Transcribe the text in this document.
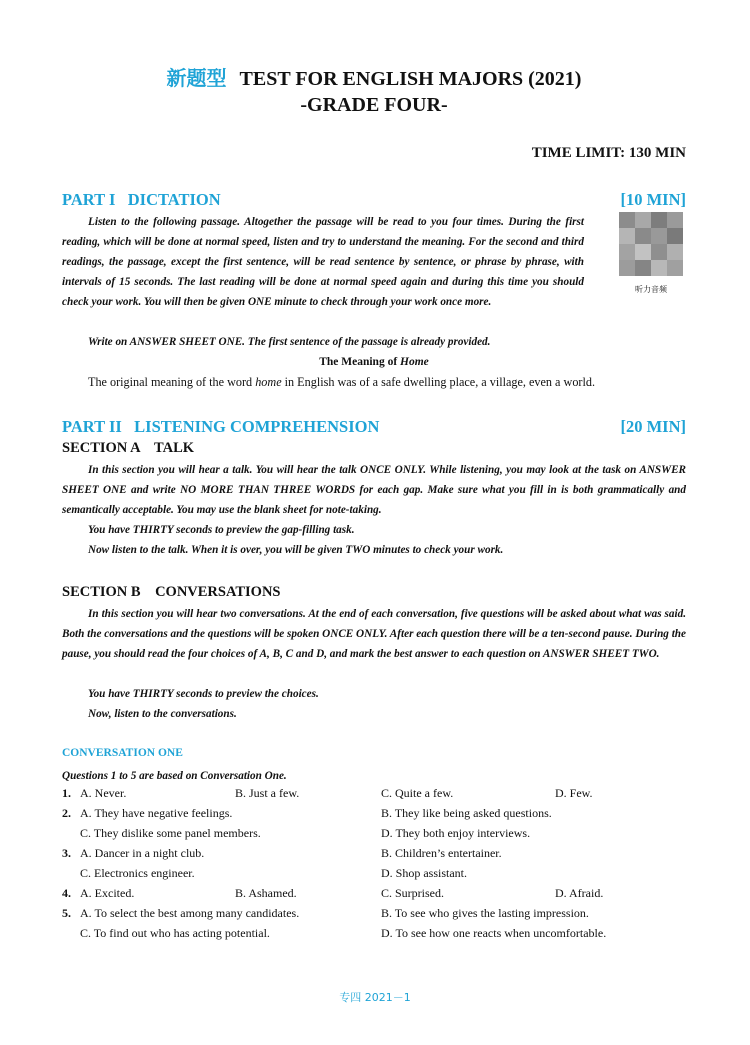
新题型 TEST FOR ENGLISH MAJORS (2021)
-GRADE FOUR-
TIME LIMIT: 130 MIN
PART I   DICTATION	[10 MIN]
Listen to the following passage. Altogether the passage will be read to you four times. During the first reading, which will be done at normal speed, listen and try to understand the meaning. For the second and third readings, the passage, except the first sentence, will be read sentence by sentence, or phrase by phrase, with intervals of 15 seconds. The last reading will be done at normal speed again and during this time you should check your work. You will then be given ONE minute to check through your work once more.
听力音频
Write on ANSWER SHEET ONE. The first sentence of the passage is already provided.
The Meaning of Home
The original meaning of the word home in English was of a safe dwelling place, a village, even a world.
PART II   LISTENING COMPREHENSION	[20 MIN]
SECTION A    TALK
In this section you will hear a talk. You will hear the talk ONCE ONLY. While listening, you may look at the task on ANSWER SHEET ONE and write NO MORE THAN THREE WORDS for each gap. Make sure what you fill in is both grammatically and semantically acceptable. You may use the blank sheet for note-taking.
You have THIRTY seconds to preview the gap-filling task.
Now listen to the talk. When it is over, you will be given TWO minutes to check your work.
SECTION B    CONVERSATIONS
In this section you will hear two conversations. At the end of each conversation, five questions will be asked about what was said. Both the conversations and the questions will be spoken ONCE ONLY. After each question there will be a ten-second pause. During the pause, you should read the four choices of A, B, C and D, and mark the best answer to each question on ANSWER SHEET TWO.
You have THIRTY seconds to preview the choices.
Now, listen to the conversations.
CONVERSATION ONE
Questions 1 to 5 are based on Conversation One.
1.	A. Never.	B. Just a few.	C. Quite a few.	D. Few.
2.	A. They have negative feelings.		B. They like being asked questions.	
	C. They dislike some panel members.		D. They both enjoy interviews.	
3.	A. Dancer in a night club.		B. Children’s entertainer.	
	C. Electronics engineer.		D. Shop assistant.	
4.	A. Excited.	B. Ashamed.	C. Surprised.	D. Afraid.
5.	A. To select the best among many candidates.		B. To see who gives the lasting impression.	
	C. To find out who has acting potential.		D. To see how one reacts when uncomfortable.	
专四 2021－1
